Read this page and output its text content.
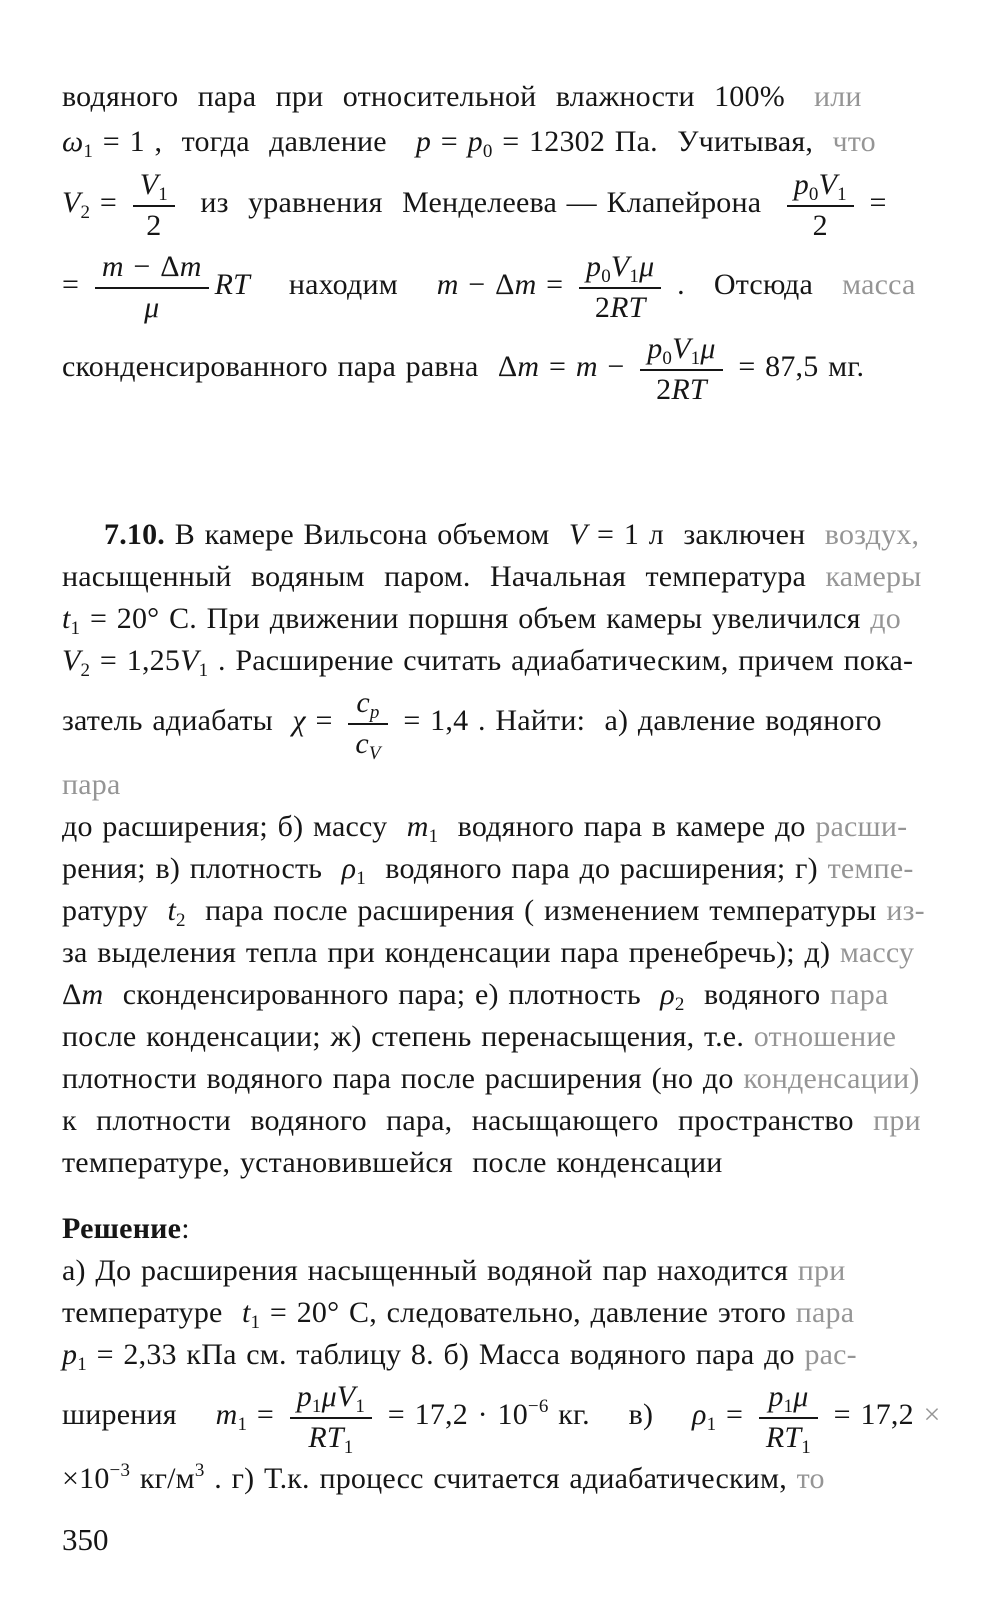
водяного  пара  при  относительной  влажности  100%   или
$\omega_1 = 1$ ,  тогда  давление   $p = p_0 = 12302$ Па.  Учитывая,  что
$V_2 = \frac{V_1}{2}$ из  уравнения  Менделеева — Клапейрона $\frac{p_0V_1}{2}$ =
= $\frac{m - \Delta m}{\mu}$ RT    находим    $m - \Delta m = \frac{p_0V_1\mu}{2RT}$ .   Отсюда   масса
сконденсированного пара равна  $\Delta m = m - \frac{p_0V_1\mu}{2RT} = 87,5$ мг.
7.10. В камере Вильсона объемом  V = 1 л  заключен  воздух,
насыщенный  водяным  паром.  Начальная  температура  камеры
$t_1 = 20^\circ$ С. При движении поршня объем камеры увеличился до
$V_2 = 1,25V_1$ . Расширение считать адиабатическим, причем пока-
затель адиабаты  $\chi = \frac{c_p}{c_V} = 1,4$ . Найти:  а) давление водяного пара
до расширения; б) массу  $m_1$  водяного пара в камере до расши-
рения; в) плотность  $\rho_1$  водяного пара до расширения; г) темпе-
ратуру  $t_2$  пара после расширения ( изменением температуры из-
за выделения тепла при конденсации пара пренебречь); д) массу
Δm  сконденсированного пара; е) плотность  $\rho_2$  водяного пара
после конденсации; ж) степень перенасыщения, т.е. отношение
плотности водяного пара после расширения (но до конденсации)
к  плотности  водяного  пара,  насыщающего  пространство  при
температуре, установившейся  после конденсации
Решение:
а) До расширения насыщенный водяной пар находится при
температуре  $t_1 = 20^\circ$ С, следовательно, давление этого пара
$p_1 = 2,33$ кПа см. таблицу 8. б) Масса водяного пара до рас-
ширения    $m_1 = \frac{p_1\mu V_1}{RT_1} = 17,2 \cdot 10^{-6}$ кг.    в)    $\rho_1 = \frac{p_1\mu}{RT_1} = 17,2$ ×
$\times 10^{-3}$ $кг/м^3$ . г) Т.к. процесс считается адиабатическим, то
350
